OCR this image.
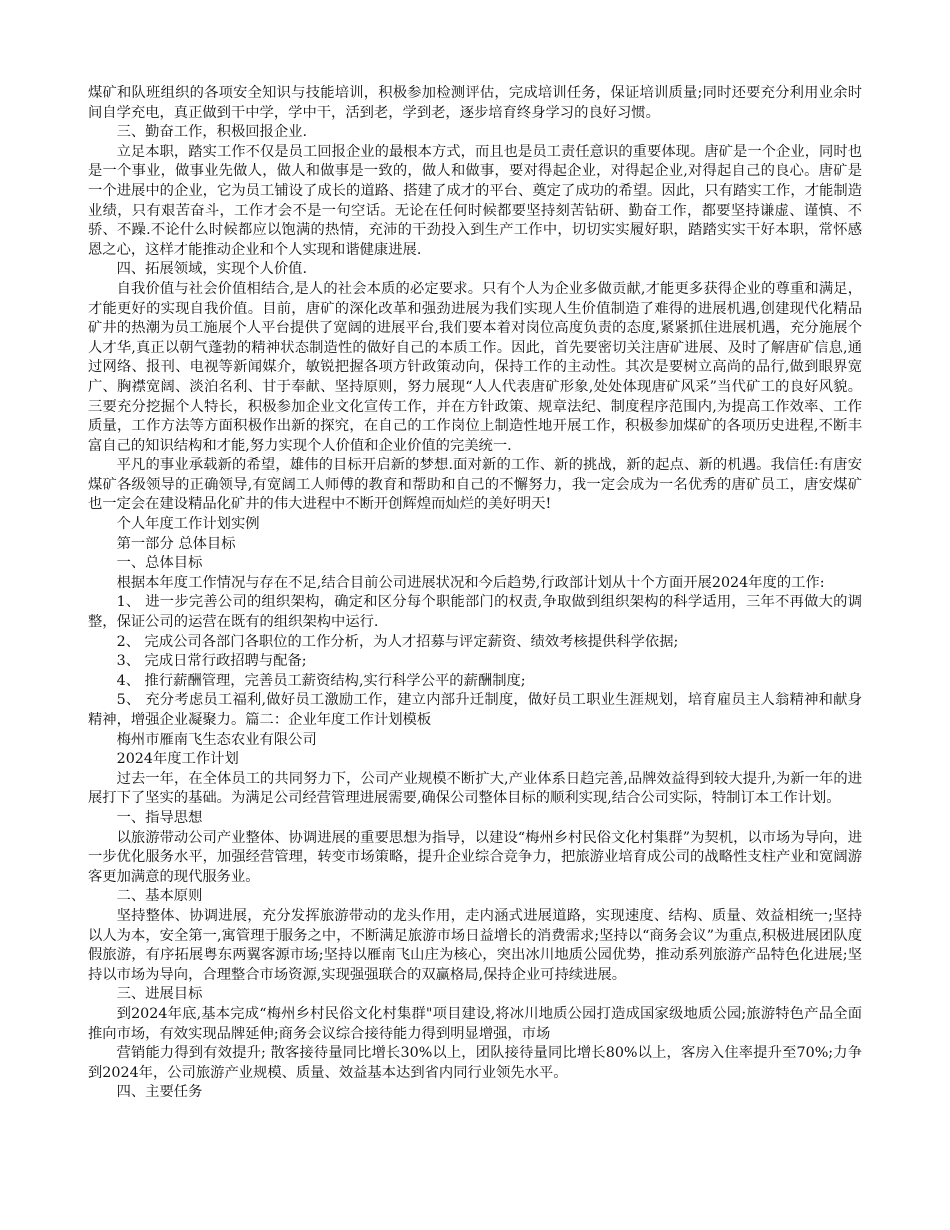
煤矿和队班组织的各项安全知识与技能培训，积极参加检测评估，完成培训任务，保证培训质量;同时还要充分利用业余时间自学充电，真正做到干中学，学中干，活到老，学到老，逐步培育终身学习的良好习惯。

三、勤奋工作，积极回报企业.

立足本职，踏实工作不仅是员工回报企业的最根本方式，而且也是员工责任意识的重要体现。唐矿是一个企业，同时也是一个事业，做事业先做人，做人和做事是一致的，做人和做事，要对得起企业，对得起企业,对得起自己的良心。唐矿是一个进展中的企业，它为员工铺设了成长的道路、搭建了成才的平台、奠定了成功的希望。因此，只有踏实工作，才能制造业绩，只有艰苦奋斗，工作才会不是一句空话。无论在任何时候都要坚持刻苦钻研、勤奋工作，都要坚持谦虚、谨慎、不骄、不躁.不论什么时候都应以饱满的热情，充沛的干劲投入到生产工作中，切切实实履好职，踏踏实实干好本职，常怀感恩之心，这样才能推动企业和个人实现和谐健康进展.

四、拓展领域，实现个人价值.

自我价值与社会价值相结合,是人的社会本质的必定要求。只有个人为企业多做贡献,才能更多获得企业的尊重和满足，才能更好的实现自我价值。目前，唐矿的深化改革和强劲进展为我们实现人生价值制造了难得的进展机遇,创建现代化精品矿井的热潮为员工施展个人平台提供了宽阔的进展平台,我们要本着对岗位高度负责的态度,紧紧抓住进展机遇，充分施展个人才华,真正以朝气蓬勃的精神状态制造性的做好自己的本质工作。因此，首先要密切关注唐矿进展、及时了解唐矿信息,通过网络、报刊、电视等新闻媒介，敏锐把握各项方针政策动向，保持工作的主动性。其次是要树立高尚的品行,做到眼界宽广、胸襟宽阔、淡泊名利、甘于奉献、坚持原则，努力展现“人人代表唐矿形象,处处体现唐矿风采”当代矿工的良好风貌。三要充分挖掘个人特长，积极参加企业文化宣传工作，并在方针政策、规章法纪、制度程序范围内,为提高工作效率、工作质量，工作方法等方面积极作出新的探究，在自己的工作岗位上制造性地开展工作，积极参加煤矿的各项历史进程,不断丰富自己的知识结构和才能,努力实现个人价值和企业价值的完美统一.

平凡的事业承载新的希望，雄伟的目标开启新的梦想.面对新的工作、新的挑战，新的起点、新的机遇。我信任:有唐安煤矿各级领导的正确领导,有宽阔工人师傅的教育和帮助和自己的不懈努力，我一定会成为一名优秀的唐矿员工，唐安煤矿也一定会在建设精品化矿井的伟大进程中不断开创辉煌而灿烂的美好明天!

个人年度工作计划实例

第一部分 总体目标

一、总体目标

根据本年度工作情况与存在不足,结合目前公司进展状况和今后趋势,行政部计划从十个方面开展2024年度的工作:

1、 进一步完善公司的组织架构，确定和区分每个职能部门的权责,争取做到组织架构的科学适用，三年不再做大的调整，保证公司的运营在既有的组织架构中运行.

2、 完成公司各部门各职位的工作分析，为人才招募与评定薪资、绩效考核提供科学依据;

3、 完成日常行政招聘与配备;

4、 推行薪酬管理，完善员工薪资结构,实行科学公平的薪酬制度;

5、 充分考虑员工福利,做好员工激励工作，建立内部升迁制度，做好员工职业生涯规划，培育雇员主人翁精神和献身精神，增强企业凝聚力。篇二：企业年度工作计划模板

梅州市雁南飞生态农业有限公司

2024年度工作计划

过去一年，在全体员工的共同努力下，公司产业规模不断扩大,产业体系日趋完善,品牌效益得到较大提升,为新一年的进展打下了坚实的基础。为满足公司经营管理进展需要,确保公司整体目标的顺利实现,结合公司实际，特制订本工作计划。

一、指导思想

以旅游带动公司产业整体、协调进展的重要思想为指导，以建设“梅州乡村民俗文化村集群”为契机，以市场为导向，进一步优化服务水平，加强经营管理，转变市场策略，提升企业综合竞争力，把旅游业培育成公司的战略性支柱产业和宽阔游客更加满意的现代服务业。

二、基本原则

坚持整体、协调进展，充分发挥旅游带动的龙头作用，走内涵式进展道路，实现速度、结构、质量、效益相统一;坚持以人为本，安全第一,寓管理于服务之中，不断满足旅游市场日益增长的消费需求;坚持以“商务会议”为重点,积极进展团队度假旅游，有序拓展粤东两翼客源市场;坚持以雁南飞山庄为核心，突出冰川地质公园优势，推动系列旅游产品特色化进展;坚持以市场为导向，合理整合市场资源,实现强强联合的双赢格局,保持企业可持续进展。

三、进展目标

到2024年底,基本完成“梅州乡村民俗文化村集群"项目建设,将冰川地质公园打造成国家级地质公园;旅游特色产品全面推向市场，有效实现品牌延伸;商务会议综合接待能力得到明显增强，市场

营销能力得到有效提升; 散客接待量同比增长30%以上，团队接待量同比增长80%以上，客房入住率提升至70%;力争到2024年，公司旅游产业规模、质量、效益基本达到省内同行业领先水平。

四、主要任务
